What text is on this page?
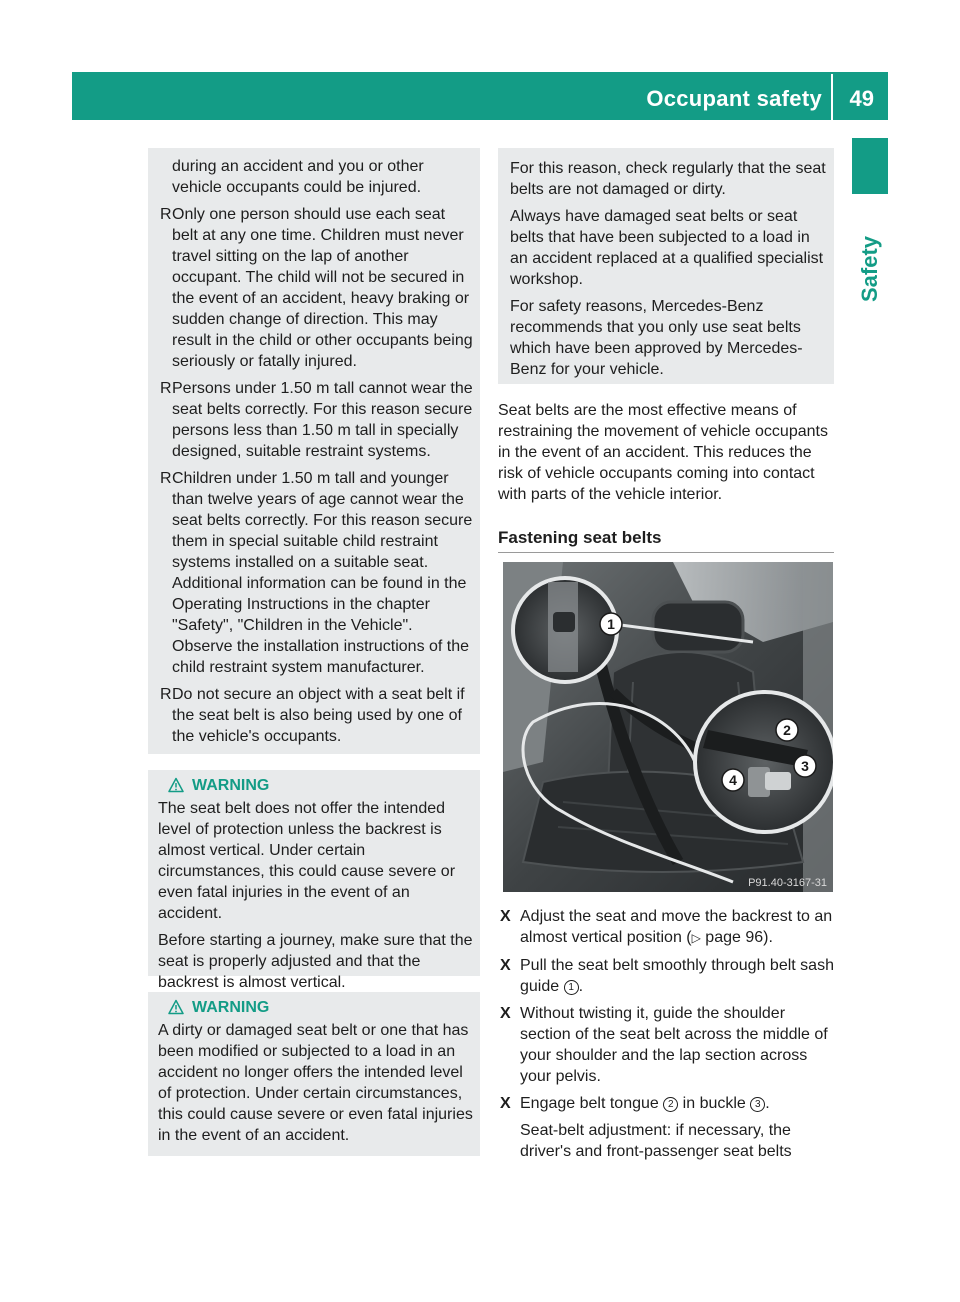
Occupant safety 49
Safety

during an accident and you or other vehicle occupants could be injured.

R Only one person should use each seat belt at any one time. Children must never travel sitting on the lap of another occupant. The child will not be secured in the event of an accident, heavy braking or sudden change of direction. This may result in the child or other occupants being seriously or fatally injured.
R Persons under 1.50 m tall cannot wear the seat belts correctly. For this reason secure persons less than 1.50 m tall in specially designed, suitable restraint systems.
R Children under 1.50 m tall and younger than twelve years of age cannot wear the seat belts correctly. For this reason secure them in special suitable child restraint systems installed on a suitable seat. Additional information can be found in the Operating Instructions in the chapter "Safety", "Children in the Vehicle". Observe the installation instructions of the child restraint system manufacturer.
R Do not secure an object with a seat belt if the seat belt is also being used by one of the vehicle's occupants.
WARNING

The seat belt does not offer the intended level of protection unless the backrest is almost vertical. Under certain circumstances, this could cause severe or even fatal injuries in the event of an accident.

Before starting a journey, make sure that the seat is properly adjusted and that the backrest is almost vertical.

WARNING

A dirty or damaged seat belt or one that has been modified or subjected to a load in an accident no longer offers the intended level of protection. Under certain circumstances, this could cause severe or even fatal injuries in the event of an accident.

For this reason, check regularly that the seat belts are not damaged or dirty.

Always have damaged seat belts or seat belts that have been subjected to a load in an accident replaced at a qualified specialist workshop.

For safety reasons, Mercedes-Benz recommends that you only use seat belts which have been approved by Mercedes-Benz for your vehicle.

Seat belts are the most effective means of restraining the movement of vehicle occupants in the event of an accident. This reduces the risk of vehicle occupants coming into contact with parts of the vehicle interior.

Fastening seat belts
1
2
3
4
P91.40-3167-31
X Adjust the seat and move the backrest to an almost vertical position (▷ page 96).
X Pull the seat belt smoothly through belt sash guide 1 .
X Without twisting it, guide the shoulder section of the seat belt across the middle of your shoulder and the lap section across your pelvis.
X Engage belt tongue 2 in buckle 3 .
Seat-belt adjustment: if necessary, the driver's and front-passenger seat belts
